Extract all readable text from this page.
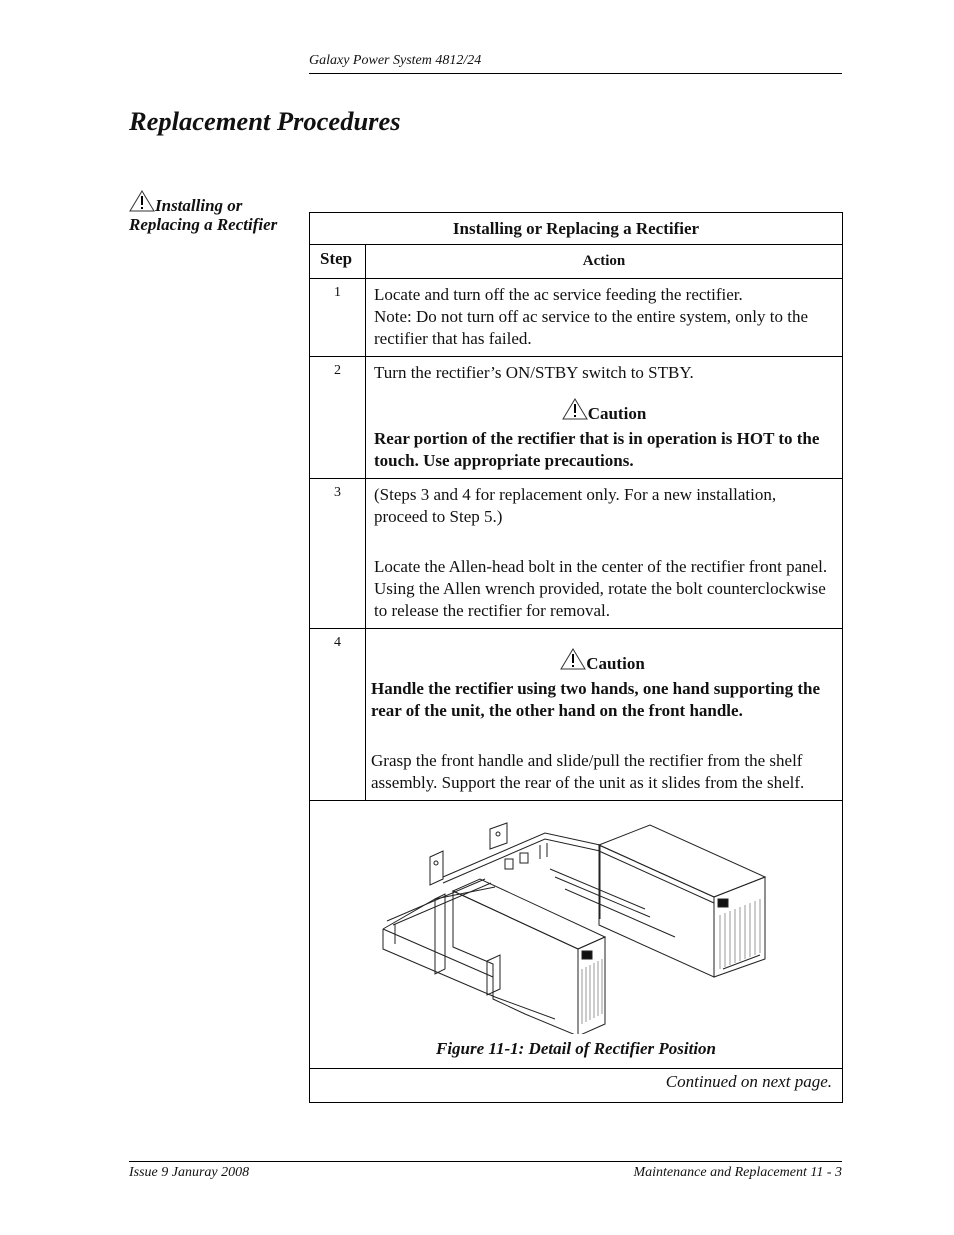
Galaxy Power System 4812/24
Replacement Procedures
Installing or Replacing a Rectifier	Installing or Replacing a Rectifier	
Step	Action
1	Locate and turn off the ac service feeding the rectifier.

Note: Do not turn off ac service to the entire system, only to the rectifier that has failed.

2	Turn the rectifier’s ON/STBY switch to STBY.

Caution

Rear portion of the rectifier that is in operation is HOT to the touch. Use appropriate precautions.

3	(Steps 3 and 4 for replacement only. For a new installation, proceed to Step 5.)

Locate the Allen-head bolt in the center of the rectifier front panel. Using the Allen wrench provided, rotate the bolt counterclockwise to release the rectifier for removal.

4	Caution

Handle the rectifier using two hands, one hand supporting the rear of the unit, the other hand on the front handle.

Grasp the front handle and slide/pull the rectifier from the shelf assembly. Support the rear of the unit as it slides from the shelf.

Figure 11-1: Detail of Rectifier Position	

Continued on next page.	
Issue 9 Januray 2008	Maintenance and Replacement 11 - 3
